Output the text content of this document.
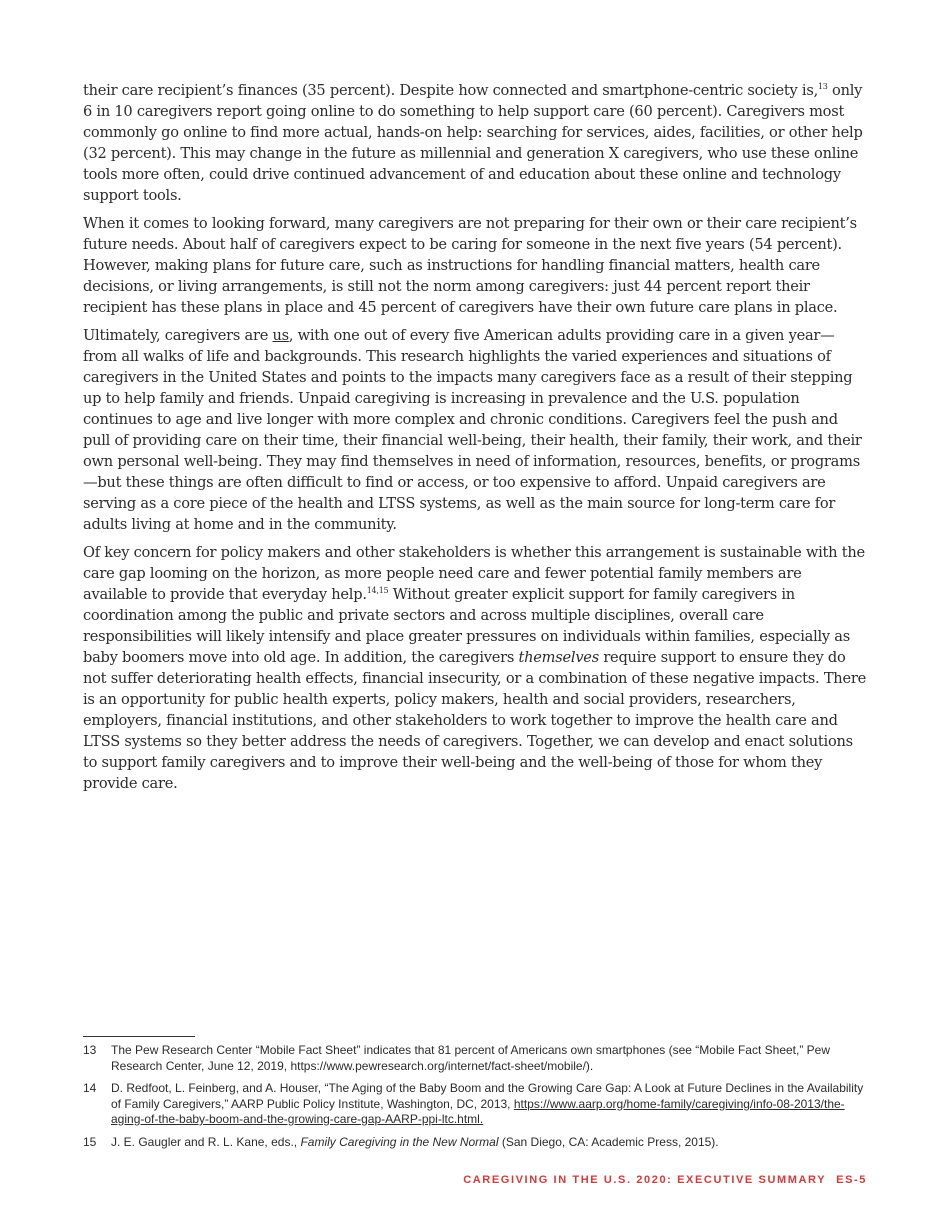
their care recipient’s finances (35 percent). Despite how connected and smartphone-centric society is,$^{13}$ only 6 in 10 caregivers report going online to do something to help support care (60 percent). Caregivers most commonly go online to find more actual, hands-on help: searching for services, aides, facilities, or other help (32 percent). This may change in the future as millennial and generation X caregivers, who use these online tools more often, could drive continued advancement of and education about these online and technology support tools.

When it comes to looking forward, many caregivers are not preparing for their own or their care recipient’s future needs. About half of caregivers expect to be caring for someone in the next five years (54 percent). However, making plans for future care, such as instructions for handling financial matters, health care decisions, or living arrangements, is still not the norm among caregivers: just 44 percent report their recipient has these plans in place and 45 percent of caregivers have their own future care plans in place.

Ultimately, caregivers are us, with one out of every five American adults providing care in a given year—from all walks of life and backgrounds. This research highlights the varied experiences and situations of caregivers in the United States and points to the impacts many caregivers face as a result of their stepping up to help family and friends. Unpaid caregiving is increasing in prevalence and the U.S. population continues to age and live longer with more complex and chronic conditions. Caregivers feel the push and pull of providing care on their time, their financial well-being, their health, their family, their work, and their own personal well-being. They may find themselves in need of information, resources, benefits, or programs—but these things are often difficult to find or access, or too expensive to afford. Unpaid caregivers are serving as a core piece of the health and LTSS systems, as well as the main source for long-term care for adults living at home and in the community.

Of key concern for policy makers and other stakeholders is whether this arrangement is sustainable with the care gap looming on the horizon, as more people need care and fewer potential family members are available to provide that everyday help.$^{14,15}$ Without greater explicit support for family caregivers in coordination among the public and private sectors and across multiple disciplines, overall care responsibilities will likely intensify and place greater pressures on individuals within families, especially as baby boomers move into old age. In addition, the caregivers themselves require support to ensure they do not suffer deteriorating health effects, financial insecurity, or a combination of these negative impacts. There is an opportunity for public health experts, policy makers, health and social providers, researchers, employers, financial institutions, and other stakeholders to work together to improve the health care and LTSS systems so they better address the needs of caregivers. Together, we can develop and enact solutions to support family caregivers and to improve their well-being and the well-being of those for whom they provide care.

13	The Pew Research Center “Mobile Fact Sheet” indicates that 81 percent of Americans own smartphones (see “Mobile Fact Sheet,” Pew Research Center, June 12, 2019, https://www.pewresearch.org/internet/fact-sheet/mobile/).
14	D. Redfoot, L. Feinberg, and A. Houser, “The Aging of the Baby Boom and the Growing Care Gap: A Look at Future Declines in the Availability of Family Caregivers,” AARP Public Policy Institute, Washington, DC, 2013, https://www.aarp.org/home-family/caregiving/info-08-2013/the-aging-of-the-baby-boom-and-the-growing-care-gap-AARP-ppi-ltc.html.
15	J. E. Gaugler and R. L. Kane, eds., Family Caregiving in the New Normal (San Diego, CA: Academic Press, 2015).
CAREGIVING IN THE U.S. 2020: EXECUTIVE SUMMARY ES-5
